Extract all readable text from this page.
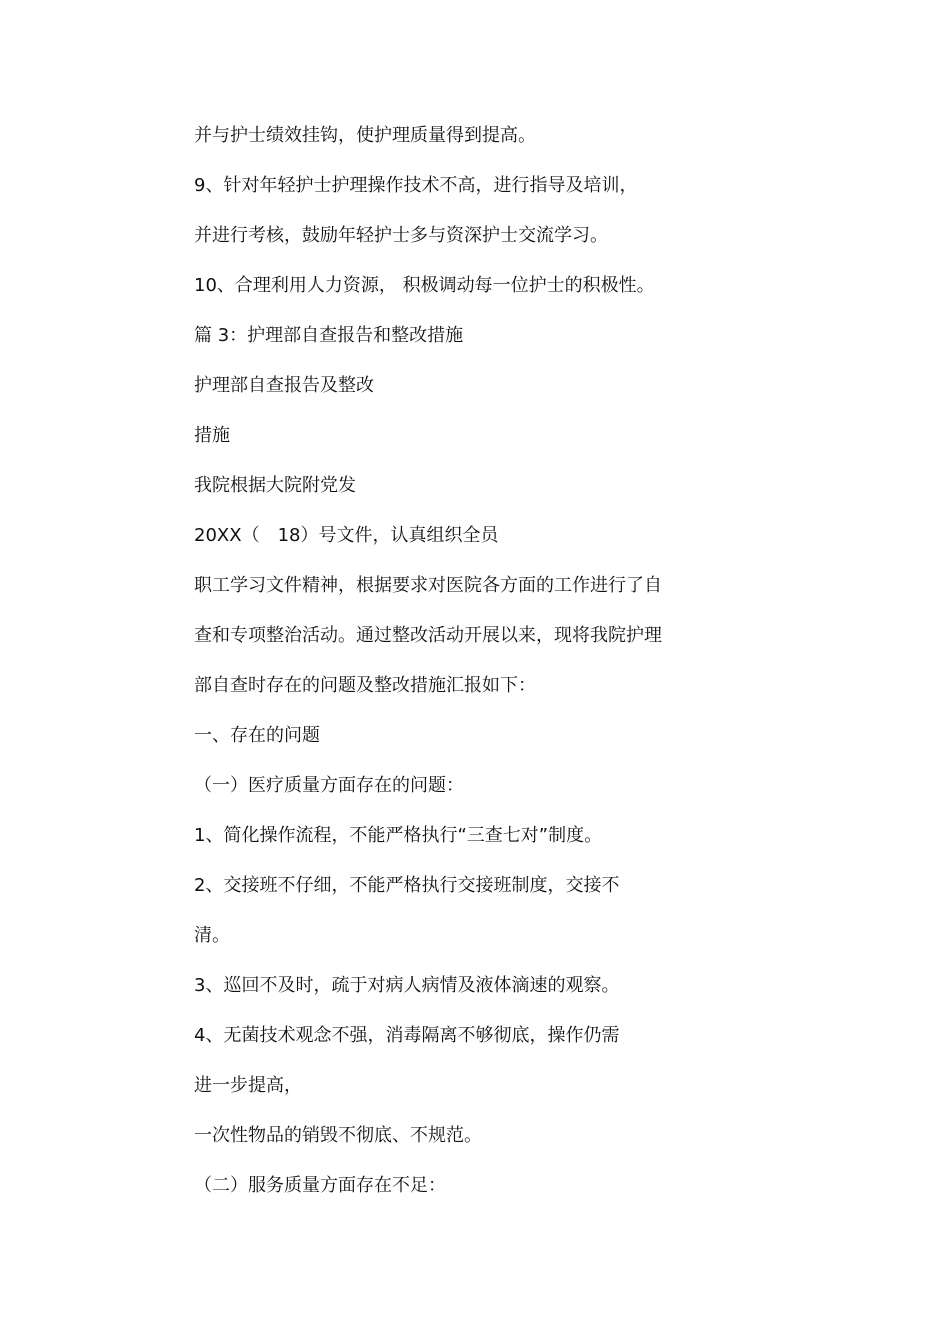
并与护士绩效挂钩，使护理质量得到提高。
9、针对年轻护士护理操作技术不高，进行指导及培训，
并进行考核，鼓励年轻护士多与资深护士交流学习。
10、合理利用人力资源， 积极调动每一位护士的积极性。
篇 3：护理部自查报告和整改措施
护理部自查报告及整改
措施
我院根据大院附党发
20XX（　18）号文件，认真组织全员
职工学习文件精神，根据要求对医院各方面的工作进行了自
查和专项整治活动。通过整改活动开展以来，现将我院护理
部自查时存在的问题及整改措施汇报如下：
一、存在的问题
（一）医疗质量方面存在的问题：
1、简化操作流程，不能严格执行“三查七对”制度。
2、交接班不仔细，不能严格执行交接班制度，交接不
清。
3、巡回不及时，疏于对病人病情及液体滴速的观察。
4、无菌技术观念不强，消毒隔离不够彻底，操作仍需
进一步提高，
一次性物品的销毁不彻底、不规范。
（二）服务质量方面存在不足：
